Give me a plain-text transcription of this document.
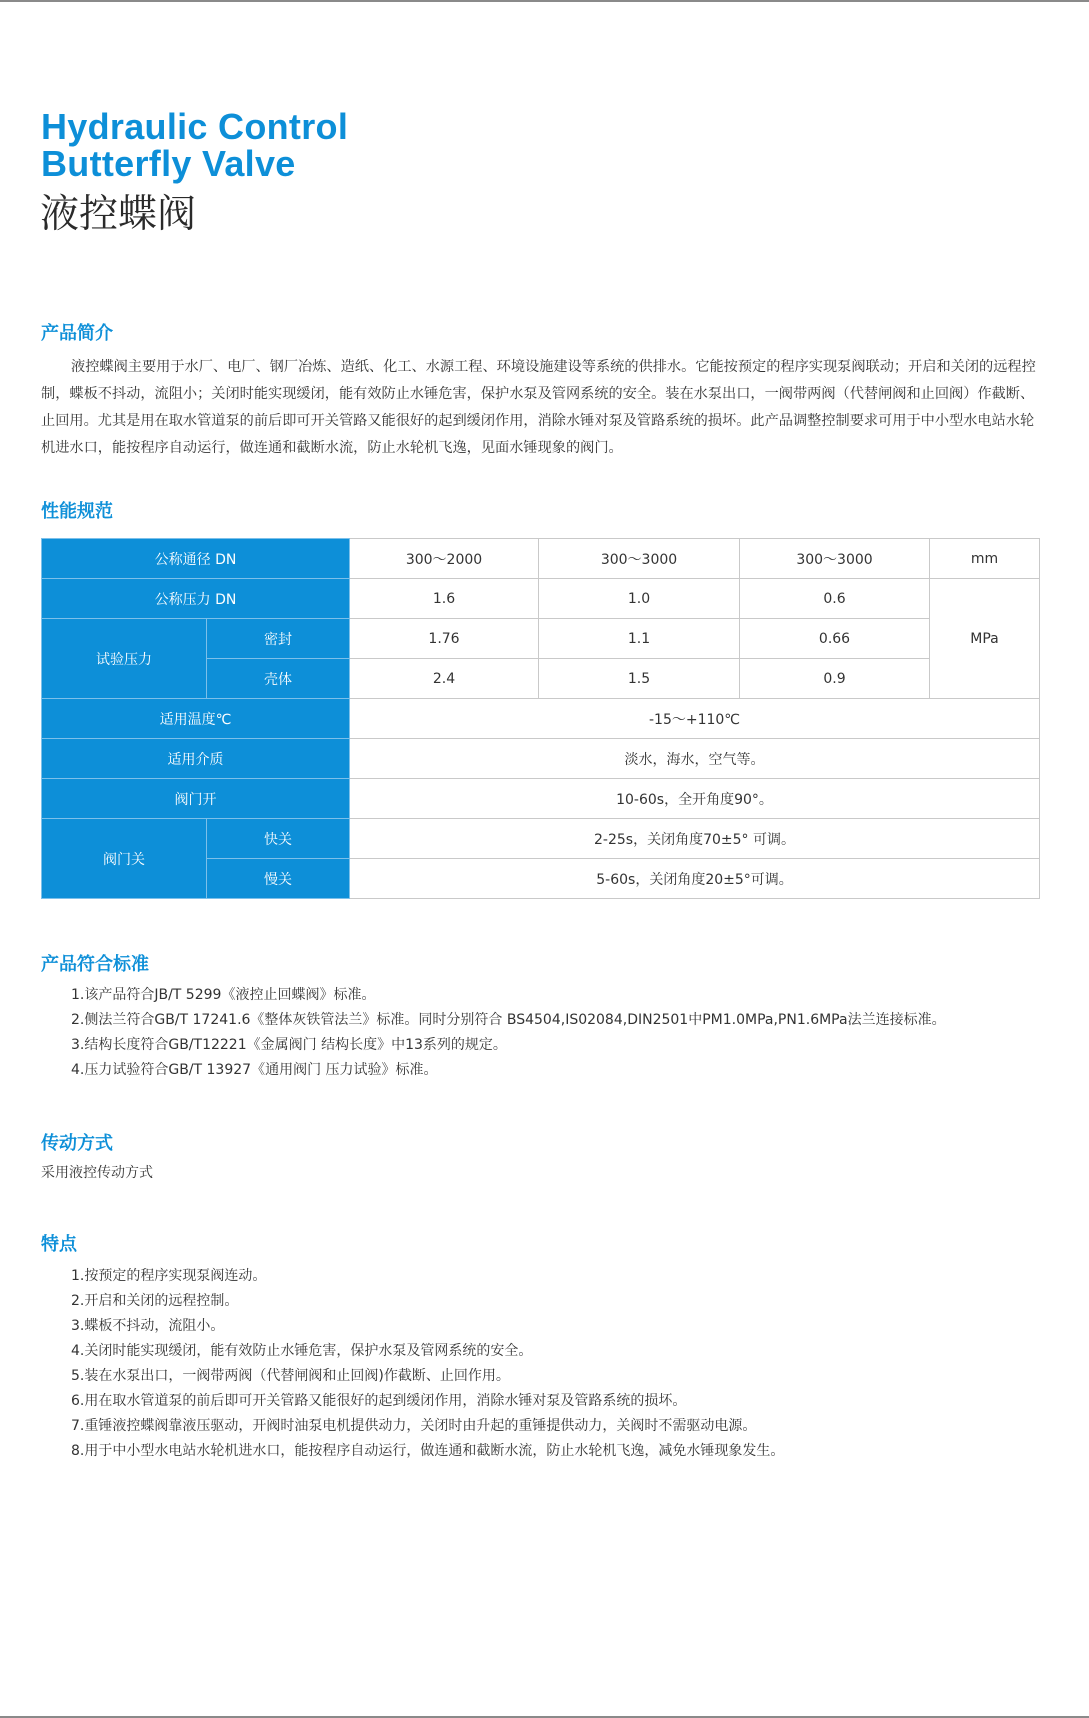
Hydraulic Control
Butterfly Valve
液控蝶阀
产品简介

液控蝶阀主要用于水厂、电厂、钢厂冶炼、造纸、化工、水源工程、环境设施建设等系统的供排水。它能按预定的程序实现泵阀联动；开启和关闭的远程控制，蝶板不抖动，流阻小；关闭时能实现缓闭，能有效防止水锤危害，保护水泵及管网系统的安全。装在水泵出口，一阀带两阀（代替闸阀和止回阀）作截断、止回用。尤其是用在取水管道泵的前后即可开关管路又能很好的起到缓闭作用，消除水锤对泵及管路系统的损坏。此产品调整控制要求可用于中小型水电站水轮机进水口，能按程序自动运行，做连通和截断水流，防止水轮机飞逸，见面水锤现象的阀门。

性能规范
公称通径 DN		300～2000	300～3000	300～3000	mm
公称压力 DN		1.6	1.0	0.6	MPa
试验压力	密封	1.76	1.1	0.66	
	壳体	2.4	1.5	0.9	
适用温度℃		-15～+110℃			
适用介质		淡水，海水，空气等。			
阀门开		10-60s，全开角度90°。			
阀门关	快关	2-25s，关闭角度70±5° 可调。			
	慢关	5-60s，关闭角度20±5°可调。			
产品符合标准
1.该产品符合JB/T 5299《液控止回蝶阀》标准。
2.侧法兰符合GB/T 17241.6《整体灰铁管法兰》标准。同时分别符合 BS4504,IS02084,DIN2501中PM1.0MPa,PN1.6MPa法兰连接标准。
3.结构长度符合GB/T12221《金属阀门 结构长度》中13系列的规定。
4.压力试验符合GB/T 13927《通用阀门 压力试验》标准。
传动方式

采用液控传动方式

特点
1.按预定的程序实现泵阀连动。
2.开启和关闭的远程控制。
3.蝶板不抖动，流阻小。
4.关闭时能实现缓闭，能有效防止水锤危害，保护水泵及管网系统的安全。
5.装在水泵出口，一阀带两阀（代替闸阀和止回阀)作截断、止回作用。
6.用在取水管道泵的前后即可开关管路又能很好的起到缓闭作用，消除水锤对泵及管路系统的损坏。
7.重锤液控蝶阀靠液压驱动，开阀时油泵电机提供动力，关闭时由升起的重锤提供动力，关阀时不需驱动电源。
8.用于中小型水电站水轮机进水口，能按程序自动运行，做连通和截断水流，防止水轮机飞逸，减免水锤现象发生。
